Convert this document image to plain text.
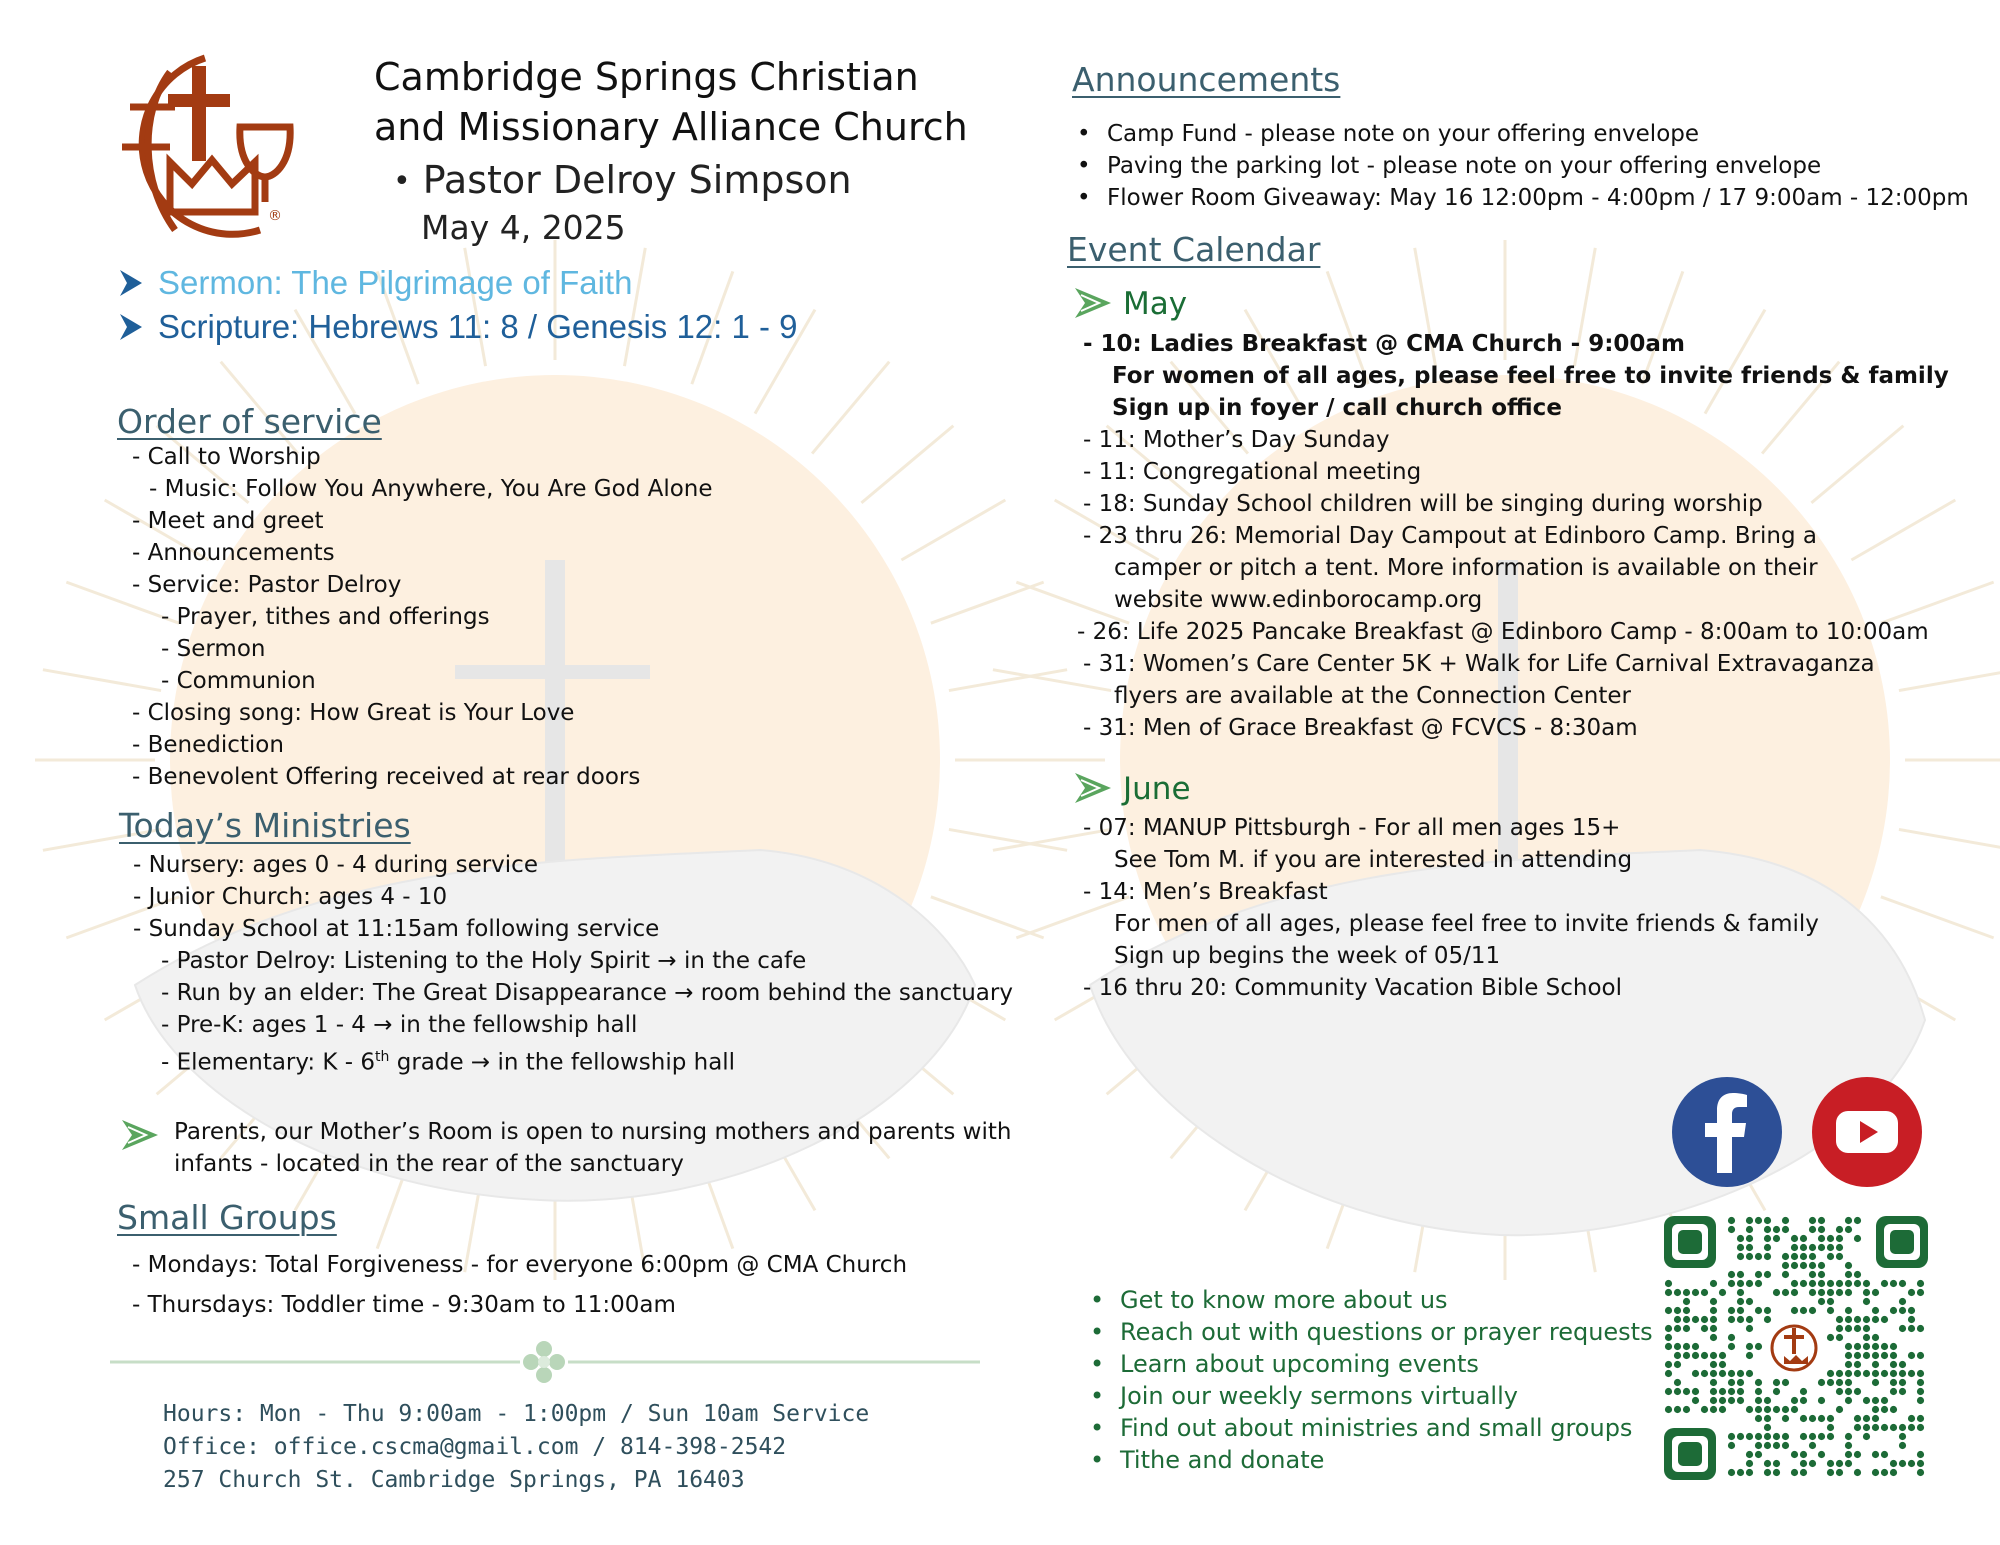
®
Cambridge Springs Christian
and Missionary Alliance Church
• Pastor Delroy Simpson
May 4, 2025
Sermon: The Pilgrimage of Faith
Scripture: Hebrews 11: 8 / Genesis 12: 1 - 9
Order of service
- Call to Worship
- Music: Follow You Anywhere, You Are God Alone
- Meet and greet
- Announcements
- Service: Pastor Delroy
- Prayer, tithes and offerings
- Sermon
- Communion
- Closing song: How Great is Your Love
- Benediction
- Benevolent Offering received at rear doors
Today’s Ministries
- Nursery: ages 0 - 4 during service
- Junior Church: ages 4 - 10
- Sunday School at 11:15am following service
- Pastor Delroy: Listening to the Holy Spirit → in the cafe
- Run by an elder: The Great Disappearance → room behind the sanctuary
- Pre-K: ages 1 - 4 → in the fellowship hall
- Elementary: K - 6th grade → in the fellowship hall
Parents, our Mother’s Room is open to nursing mothers and parents with
infants - located in the rear of the sanctuary
Small Groups
- Mondays: Total Forgiveness - for everyone 6:00pm @ CMA Church
- Thursdays: Toddler time - 9:30am to 11:00am
Hours: Mon - Thu 9:00am - 1:00pm / Sun 10am Service
Office: office.cscma@gmail.com / 814-398-2542
257 Church St. Cambridge Springs, PA 16403
Announcements
• Camp Fund - please note on your offering envelope
• Paving the parking lot - please note on your offering envelope
• Flower Room Giveaway: May 16 12:00pm - 4:00pm / 17 9:00am - 12:00pm
Event Calendar
May
- 10: Ladies Breakfast @ CMA Church - 9:00am
For women of all ages, please feel free to invite friends & family
Sign up in foyer / call church office
- 11: Mother’s Day Sunday
- 11: Congregational meeting
- 18: Sunday School children will be singing during worship
- 23 thru 26: Memorial Day Campout at Edinboro Camp. Bring a
camper or pitch a tent. More information is available on their
website www.edinborocamp.org
- 26: Life 2025 Pancake Breakfast @ Edinboro Camp - 8:00am to 10:00am
- 31: Women’s Care Center 5K + Walk for Life Carnival Extravaganza
flyers are available at the Connection Center
- 31: Men of Grace Breakfast @ FCVCS - 8:30am
June
- 07: MANUP Pittsburgh - For all men ages 15+
See Tom M. if you are interested in attending
- 14: Men’s Breakfast
For men of all ages, please feel free to invite friends & family
Sign up begins the week of 05/11
- 16 thru 20: Community Vacation Bible School
• Get to know more about us
• Reach out with questions or prayer requests
• Learn about upcoming events
• Join our weekly sermons virtually
• Find out about ministries and small groups
• Tithe and donate
